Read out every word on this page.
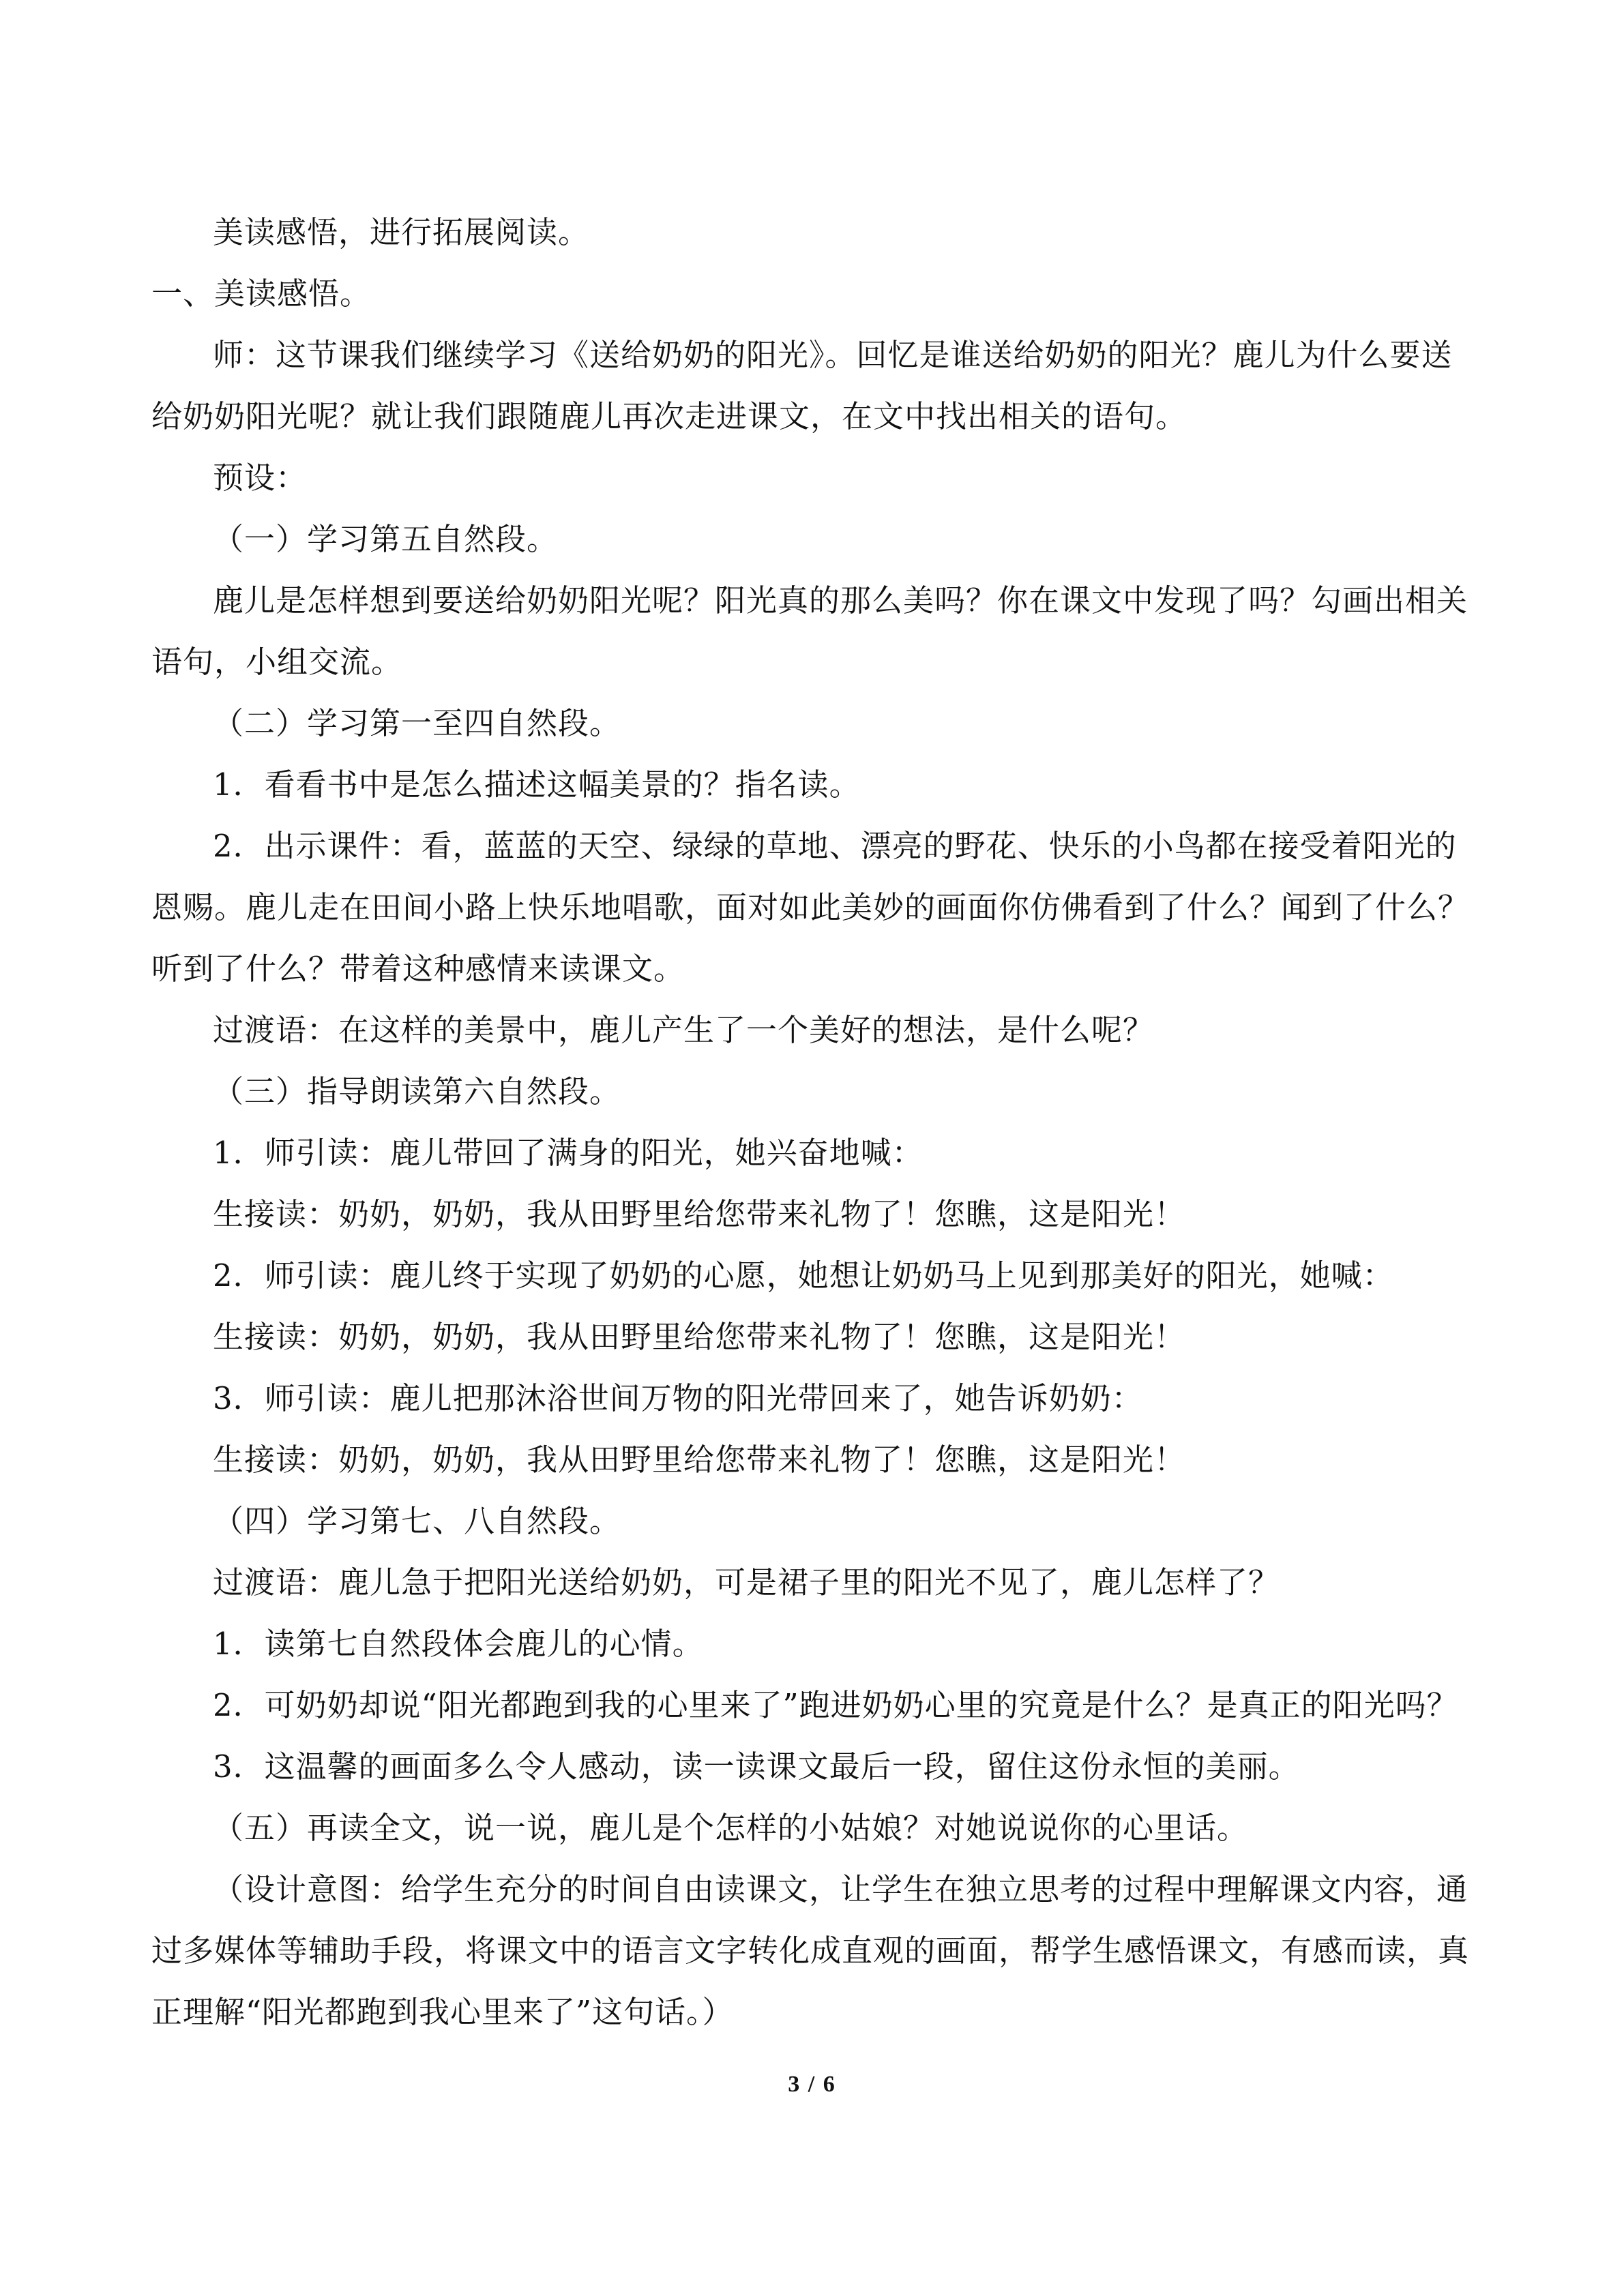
美读感悟，进行拓展阅读。

一、美读感悟。

师：这节课我们继续学习《送给奶奶的阳光》。回忆是谁送给奶奶的阳光？鹿儿为什么要送给奶奶阳光呢？就让我们跟随鹿儿再次走进课文，在文中找出相关的语句。

预设：

（一）学习第五自然段。

鹿儿是怎样想到要送给奶奶阳光呢？阳光真的那么美吗？你在课文中发现了吗？勾画出相关语句，小组交流。

（二）学习第一至四自然段。

1．看看书中是怎么描述这幅美景的？指名读。

2．出示课件：看，蓝蓝的天空、绿绿的草地、漂亮的野花、快乐的小鸟都在接受着阳光的恩赐。鹿儿走在田间小路上快乐地唱歌，面对如此美妙的画面你仿佛看到了什么？闻到了什么？听到了什么？带着这种感情来读课文。

过渡语：在这样的美景中，鹿儿产生了一个美好的想法，是什么呢？

（三）指导朗读第六自然段。

1．师引读：鹿儿带回了满身的阳光，她兴奋地喊：

生接读：奶奶，奶奶，我从田野里给您带来礼物了！您瞧，这是阳光！

2．师引读：鹿儿终于实现了奶奶的心愿，她想让奶奶马上见到那美好的阳光，她喊：

生接读：奶奶，奶奶，我从田野里给您带来礼物了！您瞧，这是阳光！

3．师引读：鹿儿把那沐浴世间万物的阳光带回来了，她告诉奶奶：

生接读：奶奶，奶奶，我从田野里给您带来礼物了！您瞧，这是阳光！

（四）学习第七、八自然段。

过渡语：鹿儿急于把阳光送给奶奶，可是裙子里的阳光不见了，鹿儿怎样了？

1．读第七自然段体会鹿儿的心情。

2．可奶奶却说“阳光都跑到我的心里来了”跑进奶奶心里的究竟是什么？是真正的阳光吗？

3．这温馨的画面多么令人感动，读一读课文最后一段，留住这份永恒的美丽。

（五）再读全文，说一说，鹿儿是个怎样的小姑娘？对她说说你的心里话。

（设计意图：给学生充分的时间自由读课文，让学生在独立思考的过程中理解课文内容，通过多媒体等辅助手段，将课文中的语言文字转化成直观的画面，帮学生感悟课文，有感而读，真正理解“阳光都跑到我心里来了”这句话。）

3 / 6
